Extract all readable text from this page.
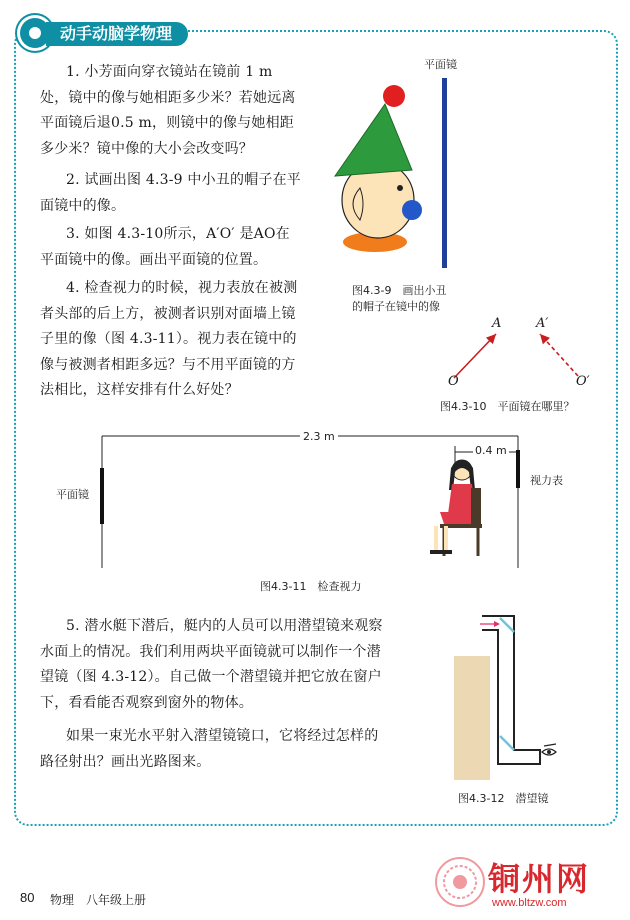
动手动脑学物理
1. 小芳面向穿衣镜站在镜前 1 m 处，镜中的像与她相距多少米？若她远离平面镜后退0.5 m，则镜中的像与她相距多少米？镜中像的大小会改变吗？
2. 试画出图 4.3-9 中小丑的帽子在平面镜中的像。
3. 如图 4.3-10所示，A′O′ 是AO在平面镜中的像。画出平面镜的位置。
4. 检查视力的时候，视力表放在被测者头部的后上方，被测者识别对面墙上镜子里的像（图 4.3-11）。视力表在镜中的像与被测者相距多远？与不用平面镜的方法相比，这样安排有什么好处？
平面镜
图4.3-9　画出小丑
的帽子在镜中的像
A	A′
O	O′
图4.3-10　平面镜在哪里？
2.3 m
0.4 m
平面镜
视力表
图4.3-11　检查视力
5. 潜水艇下潜后，艇内的人员可以用潜望镜来观察水面上的情况。我们利用两块平面镜就可以制作一个潜望镜（图 4.3-12）。自己做一个潜望镜并把它放在窗户下，看看能否观察到窗外的物体。
如果一束光水平射入潜望镜镜口，它将经过怎样的路径射出？画出光路图来。
图4.3-12　潜望镜
80 物理　八年级上册
铜州网
www.bltzw.com
